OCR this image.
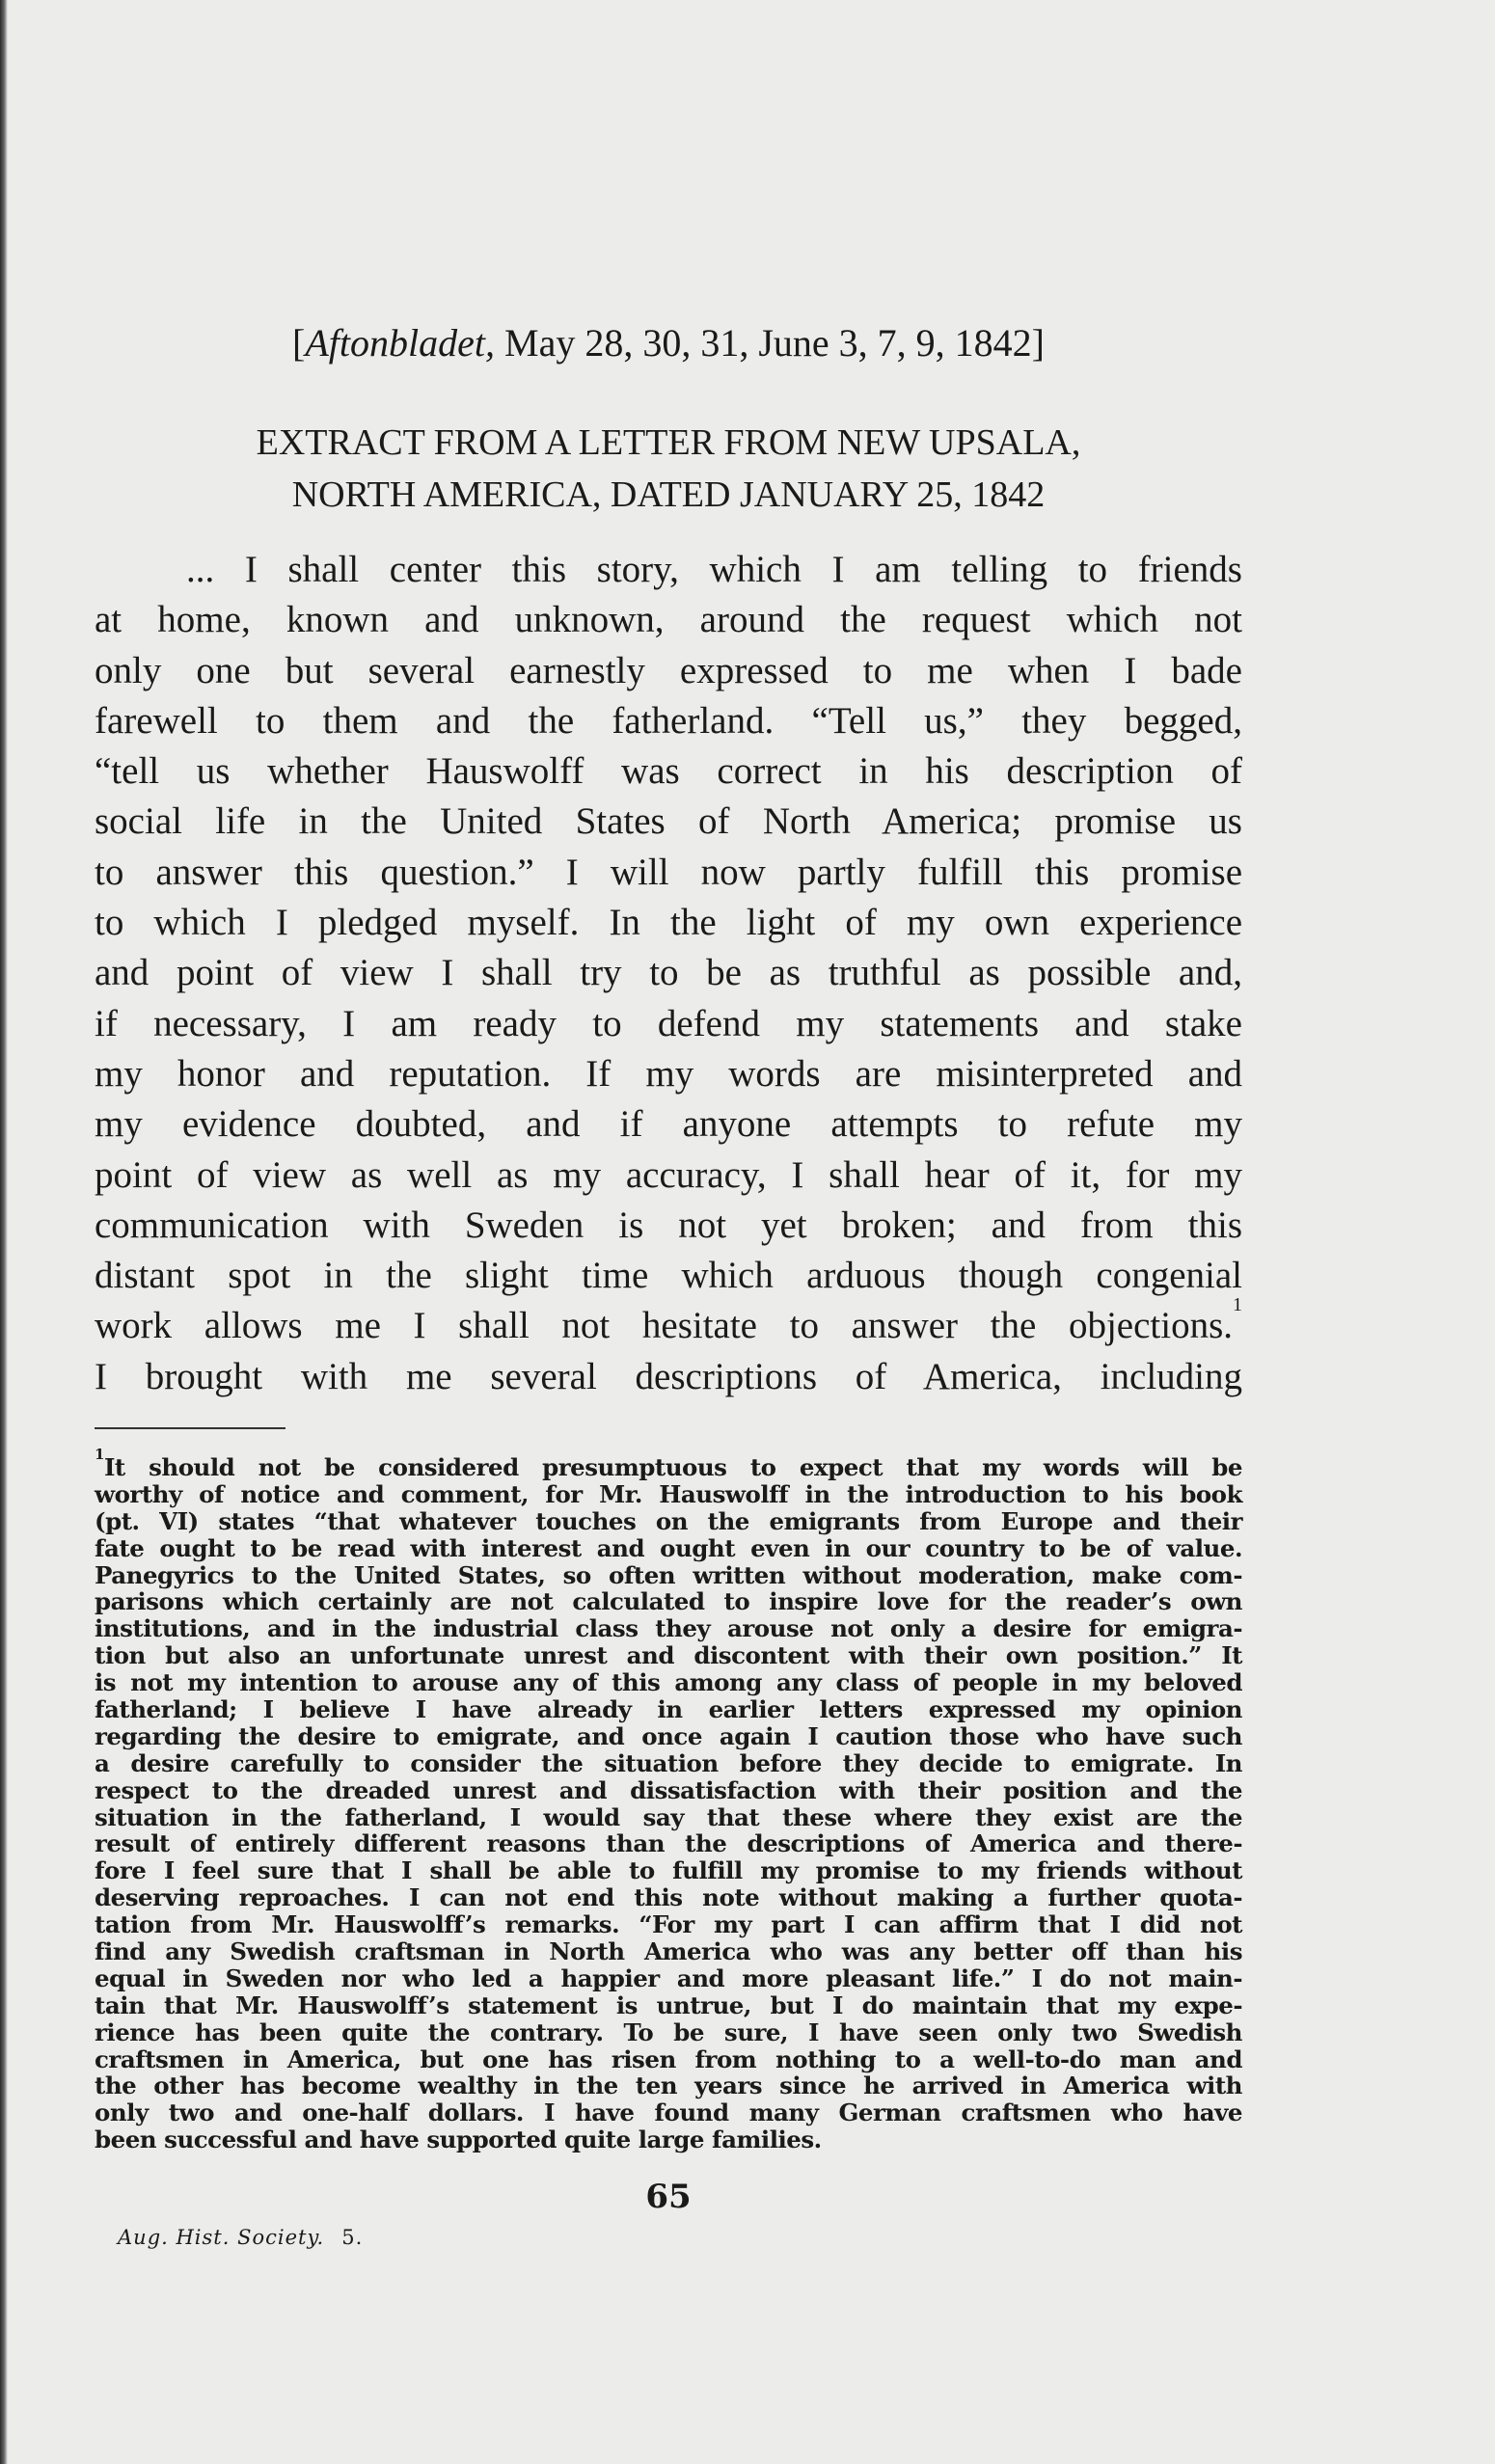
[Aftonbladet, May 28, 30, 31, June 3, 7, 9, 1842]
EXTRACT FROM A LETTER FROM NEW UPSALA,
NORTH AMERICA, DATED JANUARY 25, 1842
... I shall center this story, which I am telling to friends
at home, known and unknown, around the request which not
only one but several earnestly expressed to me when I bade
farewell to them and the fatherland. “Tell us,” they begged,
“tell us whether Hauswolff was correct in his description of
social life in the United States of North America; promise us
to answer this question.” I will now partly fulfill this promise
to which I pledged myself. In the light of my own experience
and point of view I shall try to be as truthful as possible and,
if necessary, I am ready to defend my statements and stake
my honor and reputation. If my words are misinterpreted and
my evidence doubted, and if anyone attempts to refute my
point of view as well as my accuracy, I shall hear of it, for my
communication with Sweden is not yet broken; and from this
distant spot in the slight time which arduous though congenial
work allows me I shall not hesitate to answer the objections.$^1$
I brought with me several descriptions of America, including
$^1$It should not be considered presumptuous to expect that my words will be
worthy of notice and comment, for Mr. Hauswolff in the introduction to his book
(pt. VI) states “that whatever touches on the emigrants from Europe and their
fate ought to be read with interest and ought even in our country to be of value.
Panegyrics to the United States, so often written without moderation, make com-
parisons which certainly are not calculated to inspire love for the reader’s own
institutions, and in the industrial class they arouse not only a desire for emigra-
tion but also an unfortunate unrest and discontent with their own position.” It
is not my intention to arouse any of this among any class of people in my beloved
fatherland; I believe I have already in earlier letters expressed my opinion
regarding the desire to emigrate, and once again I caution those who have such
a desire carefully to consider the situation before they decide to emigrate. In
respect to the dreaded unrest and dissatisfaction with their position and the
situation in the fatherland, I would say that these where they exist are the
result of entirely different reasons than the descriptions of America and there-
fore I feel sure that I shall be able to fulfill my promise to my friends without
deserving reproaches. I can not end this note without making a further quota-
tation from Mr. Hauswolff’s remarks. “For my part I can affirm that I did not
find any Swedish craftsman in North America who was any better off than his
equal in Sweden nor who led a happier and more pleasant life.” I do not main-
tain that Mr. Hauswolff’s statement is untrue, but I do maintain that my expe-
rience has been quite the contrary. To be sure, I have seen only two Swedish
craftsmen in America, but one has risen from nothing to a well-to-do man and
the other has become wealthy in the ten years since he arrived in America with
only two and one-half dollars. I have found many German craftsmen who have
been successful and have supported quite large families.
65
Aug. Hist. Society. 5.
